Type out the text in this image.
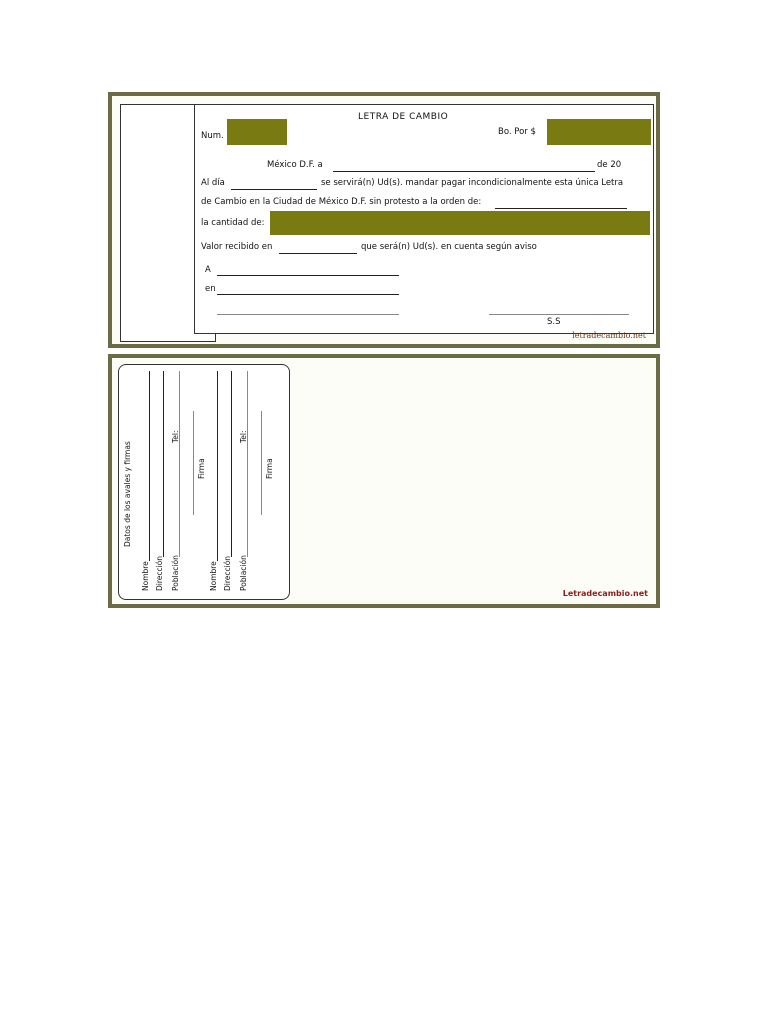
LETRA DE CAMBIO
Num.	Bo. Por $
México D.F. a	de 20
Al día	se servirá(n) Ud(s). mandar pagar incondicionalmente esta única Letra
de Cambio en la Ciudad de México D.F. sin protesto a la orden de:
la cantidad de:
Valor recibido en	que será(n) Ud(s). en cuenta según aviso
A
en
S.S
letradecambio.net
Datos de los avales y firmas
Nombre Dirección Población
Tel:
Firma
Nombre Dirección Población
Tel:
Firma
Letradecambio.net
